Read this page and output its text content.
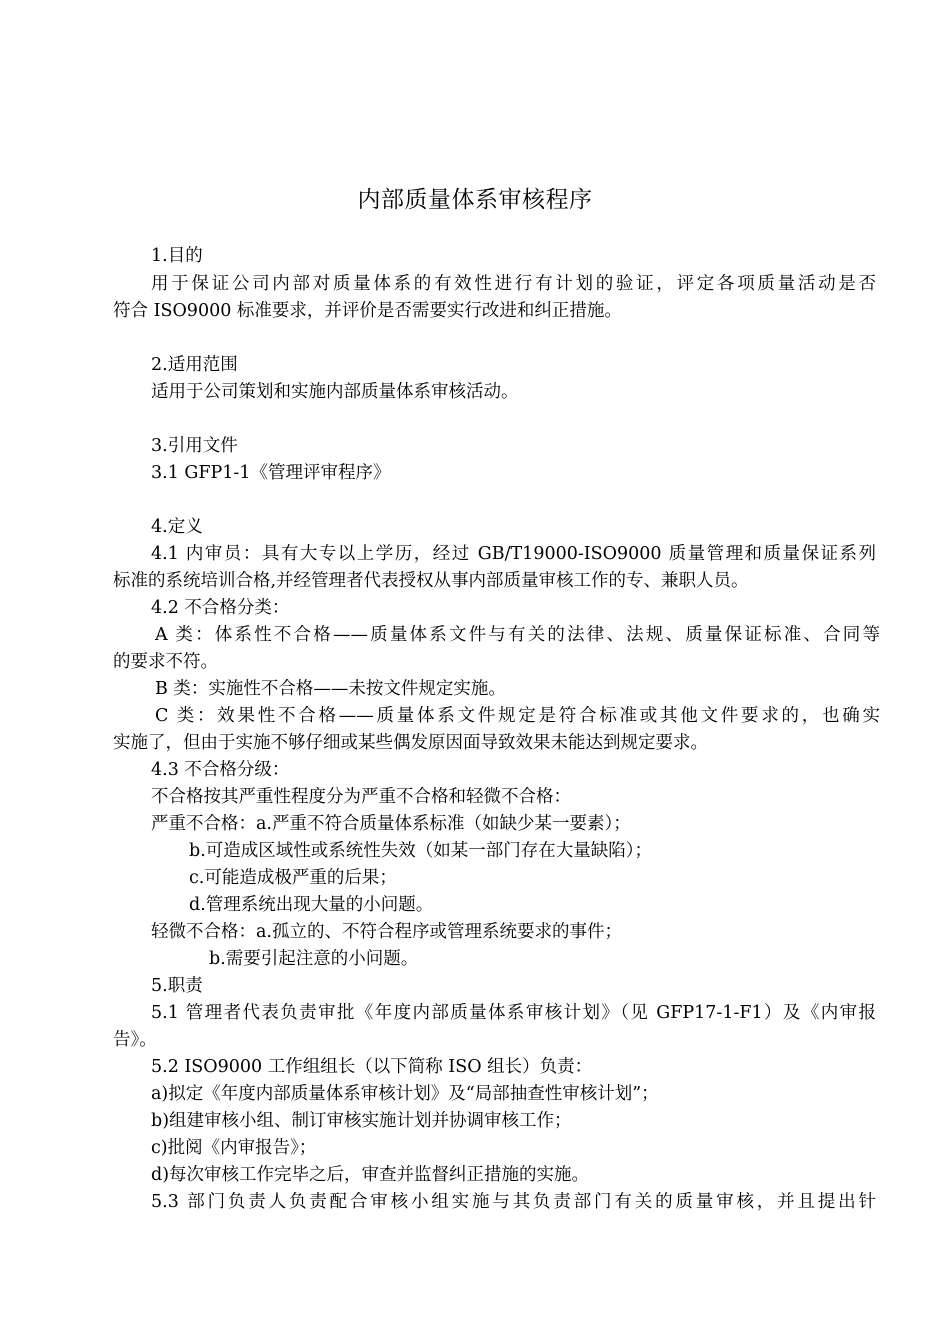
内部质量体系审核程序
1.目的
用于保证公司内部对质量体系的有效性进行有计划的验证，评定各项质量活动是否
符合 ISO9000 标准要求，并评价是否需要实行改进和纠正措施。
2.适用范围
适用于公司策划和实施内部质量体系审核活动。
3.引用文件
3.1 GFP1-1《管理评审程序》
4.定义
4.1 内审员：具有大专以上学历，经过 GB/T19000-ISO9000 质量管理和质量保证系列
标准的系统培训合格,并经管理者代表授权从事内部质量审核工作的专、兼职人员。
4.2 不合格分类：
A 类：体系性不合格——质量体系文件与有关的法律、法规、质量保证标准、合同等
的要求不符。
B 类：实施性不合格——未按文件规定实施。
C 类：效果性不合格——质量体系文件规定是符合标准或其他文件要求的，也确实
实施了，但由于实施不够仔细或某些偶发原因面导致效果未能达到规定要求。
4.3 不合格分级：
不合格按其严重性程度分为严重不合格和轻微不合格：
严重不合格：a.严重不符合质量体系标准（如缺少某一要素）；
b.可造成区域性或系统性失效（如某一部门存在大量缺陷）；
c.可能造成极严重的后果；
d.管理系统出现大量的小问题。
轻微不合格：a.孤立的、不符合程序或管理系统要求的事件；
b.需要引起注意的小问题。
5.职责
5.1 管理者代表负责审批《年度内部质量体系审核计划》（见 GFP17-1-F1）及《内审报
告》。
5.2 ISO9000 工作组组长（以下简称 ISO 组长）负责：
a)拟定《年度内部质量体系审核计划》及“局部抽查性审核计划”；
b)组建审核小组、制订审核实施计划并协调审核工作；
c)批阅《内审报告》；
d)每次审核工作完毕之后，审查并监督纠正措施的实施。
5.3 部门负责人负责配合审核小组实施与其负责部门有关的质量审核，并且提出针
